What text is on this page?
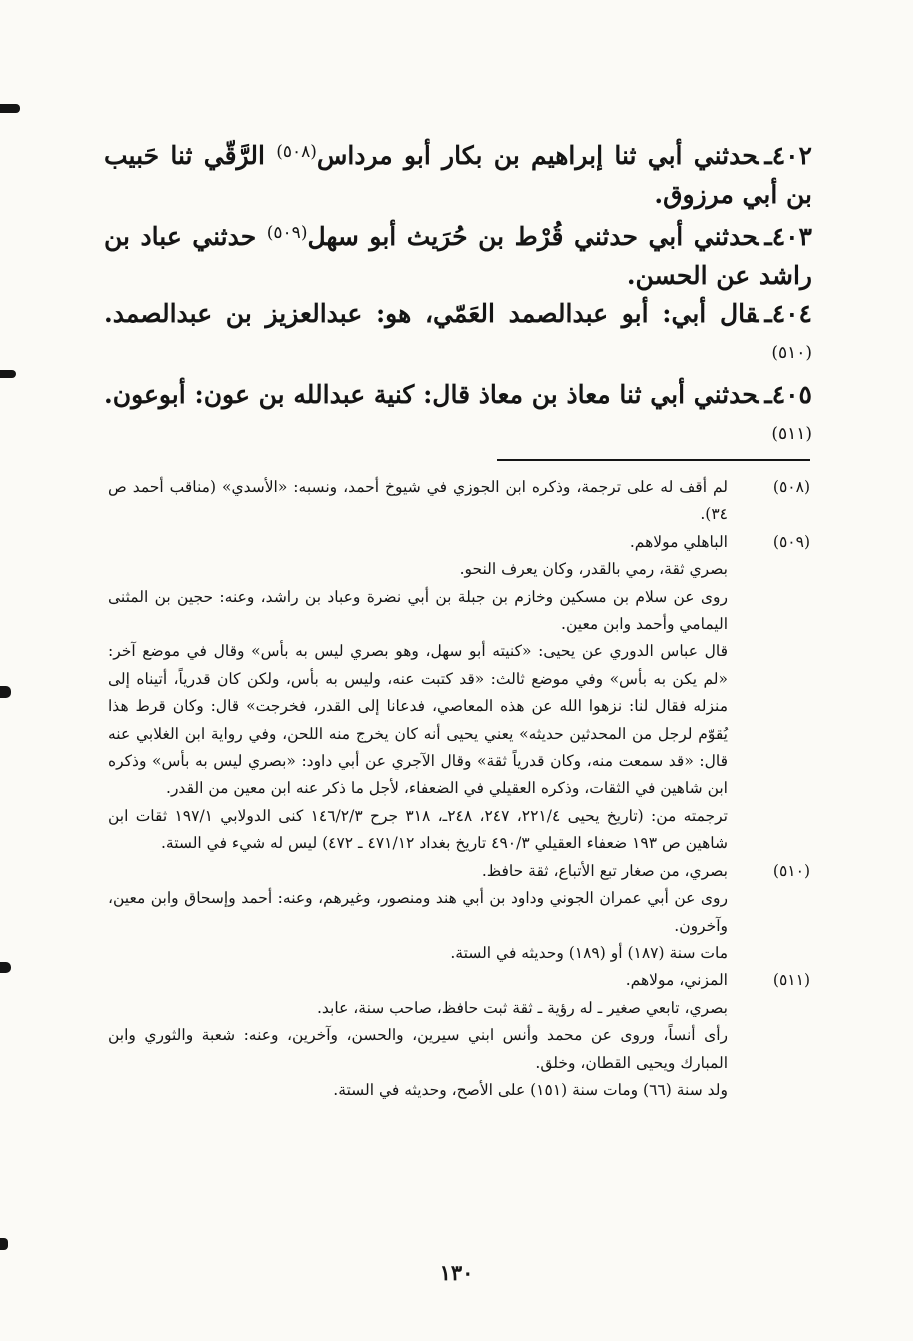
٤٠٢ـحدثني أبي ثنا إبراهيم بن بكار أبو مرداس$^{(٥٠٨)}$ الرَّقّي ثنا حَبيب بن أبي مرزوق.

٤٠٣ـحدثني أبي حدثني قُرْط بن حُرَيث أبو سهل$^{(٥٠٩)}$ حدثني عباد بن راشد عن الحسن.

٤٠٤ـقال أبي: أبو عبدالصمد العَمّي، هو: عبدالعزيز بن عبدالصمد. $^{(٥١٠)}$

٤٠٥ـحدثني أبي ثنا معاذ بن معاذ قال: كنية عبدالله بن عون: أبوعون. $^{(٥١١)}$

(٥٠٨)

لم أقف له على ترجمة، وذكره ابن الجوزي في شيوخ أحمد، ونسبه: «الأسدي» (مناقب أحمد ص ٣٤).

(٥٠٩)

الباهلي مولاهم.

بصري ثقة، رمي بالقدر، وكان يعرف النحو.

روى عن سلام بن مسكين وخازم بن جبلة بن أبي نضرة وعباد بن راشد، وعنه: حجين بن المثنى اليمامي وأحمد وابن معين.

قال عباس الدوري عن يحيى: «كنيته أبو سهل، وهو بصري ليس به بأس» وقال في موضع آخر: «لم يكن به بأس» وفي موضع ثالث: «قد كتبت عنه، وليس به بأس، ولكن كان قدرياً، أتيناه إلى منزله فقال لنا: نزهوا الله عن هذه المعاصي، فدعانا إلى القدر، فخرجت» قال: وكان قرط هذا يُقوّم لرجل من المحدثين حديثه» يعني يحيى أنه كان يخرج منه اللحن، وفي رواية ابن الغلابي عنه قال: «قد سمعت منه، وكان قدرياً ثقة» وقال الآجري عن أبي داود: «بصري ليس به بأس» وذكره ابن شاهين في الثقات، وذكره العقيلي في الضعفاء، لأجل ما ذكر عنه ابن معين من القدر.

ترجمته من: (تاريخ يحيى ٢٢١/٤، ٢٤٧، ٢٤٨ـ، ٣١٨ جرح ١٤٦/٢/٣ كنى الدولابي ١٩٧/١ ثقات ابن شاهين ص ١٩٣ ضعفاء العقيلي ٤٩٠/٣ تاريخ بغداد ٤٧١/١٢ ـ ٤٧٢) ليس له شيء في الستة.

(٥١٠)

بصري، من صغار تبع الأتباع، ثقة حافظ.

روى عن أبي عمران الجوني وداود بن أبي هند ومنصور، وغيرهم، وعنه: أحمد وإسحاق وابن معين، وآخرون.

مات سنة (١٨٧) أو (١٨٩) وحديثه في الستة.

(٥١١)

المزني، مولاهم.

بصري، تابعي صغير ـ له رؤية ـ ثقة ثبت حافظ، صاحب سنة، عابد.

رأى أنساً، وروى عن محمد وأنس ابني سيرين، والحسن، وآخرين، وعنه: شعبة والثوري وابن المبارك ويحيى القطان، وخلق.

ولد سنة (٦٦) ومات سنة (١٥١) على الأصح، وحديثه في الستة.

١٣٠
